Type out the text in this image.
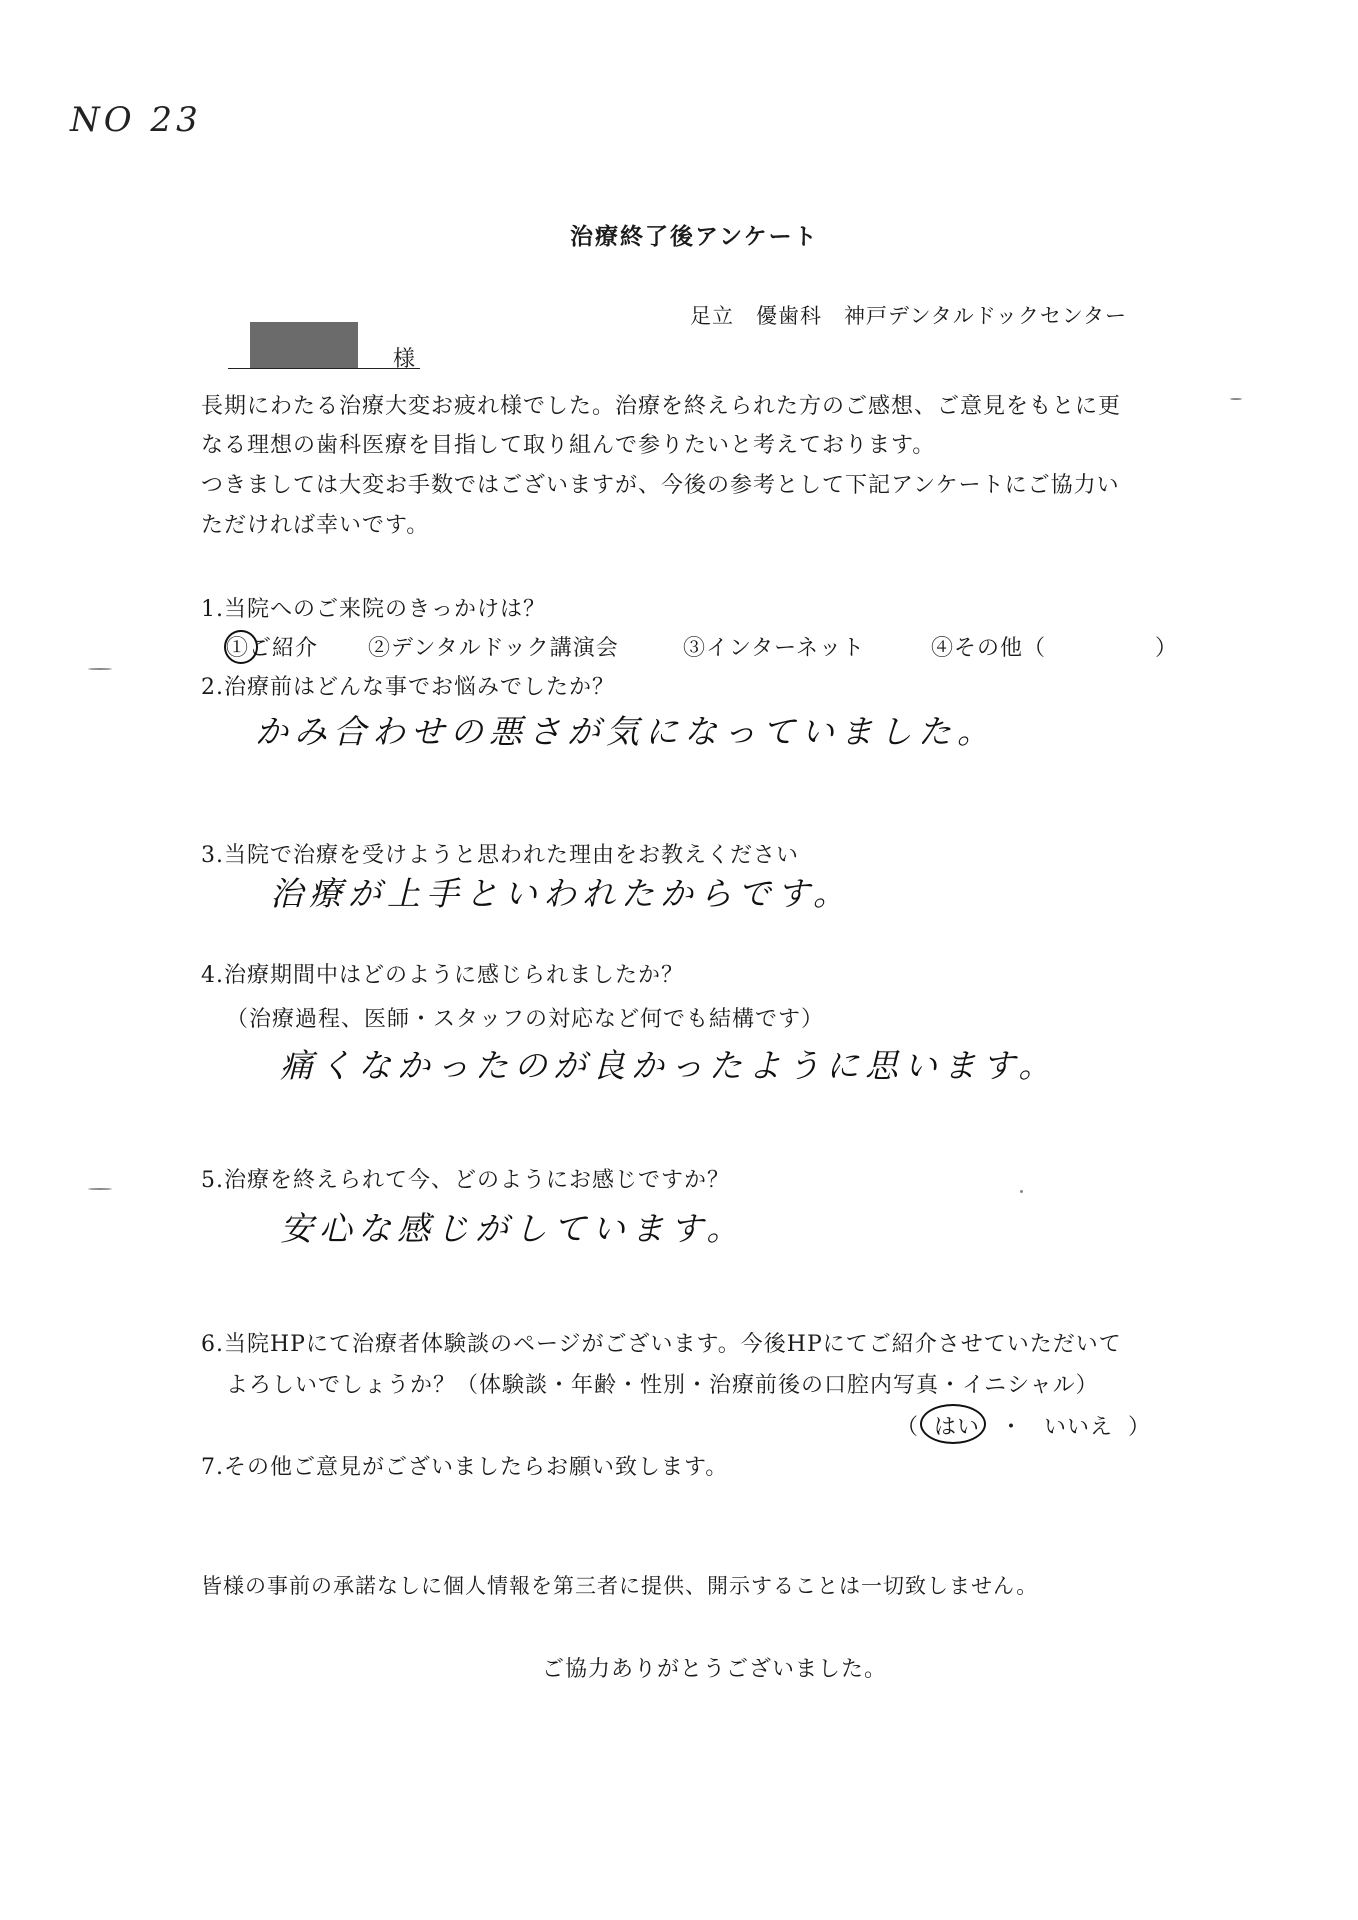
NO 23
治療終了後アンケート
足立　優歯科　神戸デンタルドックセンター
様
長期にわたる治療大変お疲れ様でした。治療を終えられた方のご感想、ご意見をもとに更
なる理想の歯科医療を目指して取り組んで参りたいと考えております。
つきましては大変お手数ではございますが、今後の参考として下記アンケートにご協力い
ただければ幸いです。
1.当院へのご来院のきっかけは？
①ご紹介 ②デンタルドック講演会	③インターネット	④その他（	）
2.治療前はどんな事でお悩みでしたか？
かみ合わせの悪さが気になっていました。
3.当院で治療を受けようと思われた理由をお教えください
治療が上手といわれたからです。
4.治療期間中はどのように感じられましたか？
（治療過程、医師・スタッフの対応など何でも結構です）
痛くなかったのが良かったように思います。
5.治療を終えられて今、どのようにお感じですか？
安心な感じがしています。
6.当院HPにて治療者体験談のページがございます。今後HPにてご紹介させていただいて
よろしいでしょうか？（体験談・年齢・性別・治療前後の口腔内写真・イニシャル）
（ はい ・ いいえ ）
7.その他ご意見がございましたらお願い致します。
皆様の事前の承諾なしに個人情報を第三者に提供、開示することは一切致しません。
ご協力ありがとうございました。
